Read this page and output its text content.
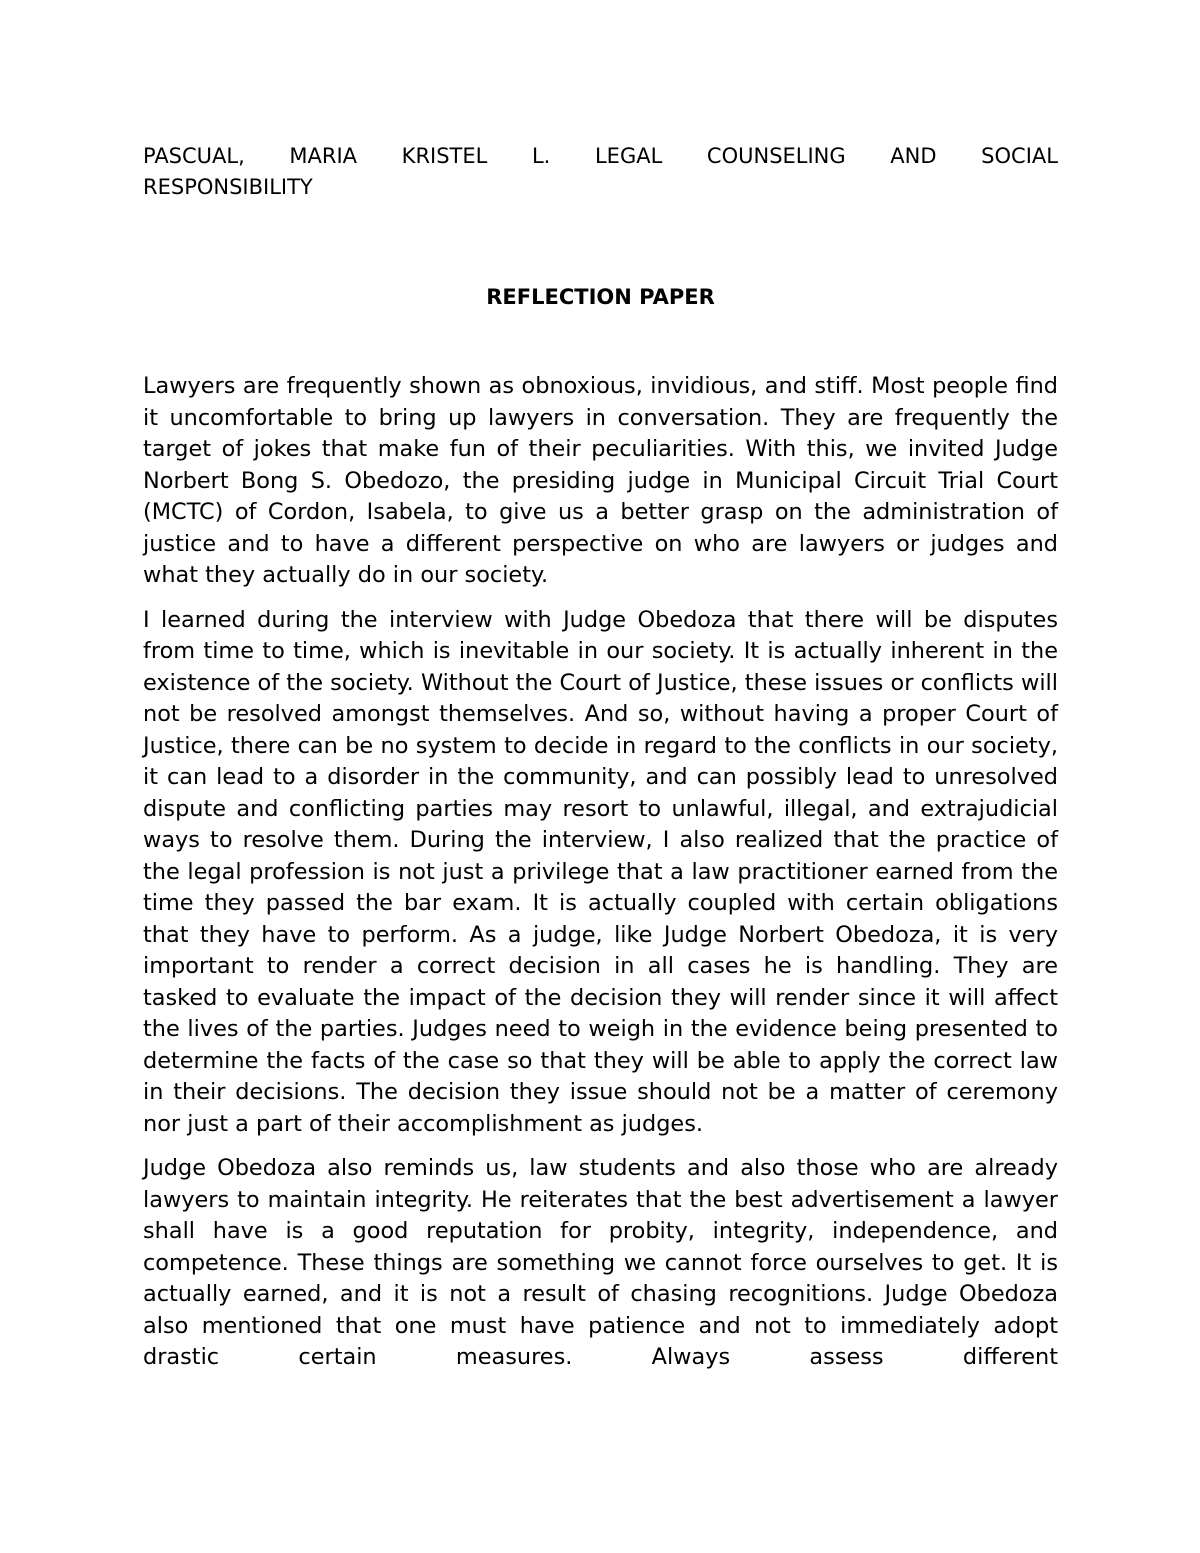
PASCUAL, MARIA KRISTEL L. LEGAL COUNSELING AND SOCIAL
RESPONSIBILITY
REFLECTION PAPER

Lawyers are frequently shown as obnoxious, invidious, and stiff. Most people find it uncomfortable to bring up lawyers in conversation. They are frequently the target of jokes that make fun of their peculiarities. With this, we invited Judge Norbert Bong S. Obedozo, the presiding judge in Municipal Circuit Trial Court (MCTC) of Cordon, Isabela, to give us a better grasp on the administration of justice and to have a different perspective on who are lawyers or judges and what they actually do in our society.

I learned during the interview with Judge Obedoza that there will be disputes from time to time, which is inevitable in our society. It is actually inherent in the existence of the society. Without the Court of Justice, these issues or conflicts will not be resolved amongst themselves. And so, without having a proper Court of Justice, there can be no system to decide in regard to the conflicts in our society, it can lead to a disorder in the community, and can possibly lead to unresolved dispute and conflicting parties may resort to unlawful, illegal, and extrajudicial ways to resolve them. During the interview, I also realized that the practice of the legal profession is not just a privilege that a law practitioner earned from the time they passed the bar exam. It is actually coupled with certain obligations that they have to perform. As a judge, like Judge Norbert Obedoza, it is very important to render a correct decision in all cases he is handling. They are tasked to evaluate the impact of the decision they will render since it will affect the lives of the parties. Judges need to weigh in the evidence being presented to determine the facts of the case so that they will be able to apply the correct law in their decisions. The decision they issue should not be a matter of ceremony nor just a part of their accomplishment as judges.

Judge Obedoza also reminds us, law students and also those who are already lawyers to maintain integrity. He reiterates that the best advertisement a lawyer shall have is a good reputation for probity, integrity, independence, and competence. These things are something we cannot force ourselves to get. It is actually earned, and it is not a result of chasing recognitions. Judge Obedoza also mentioned that one must have patience and not to immediately adopt drastic certain measures. Always assess different
